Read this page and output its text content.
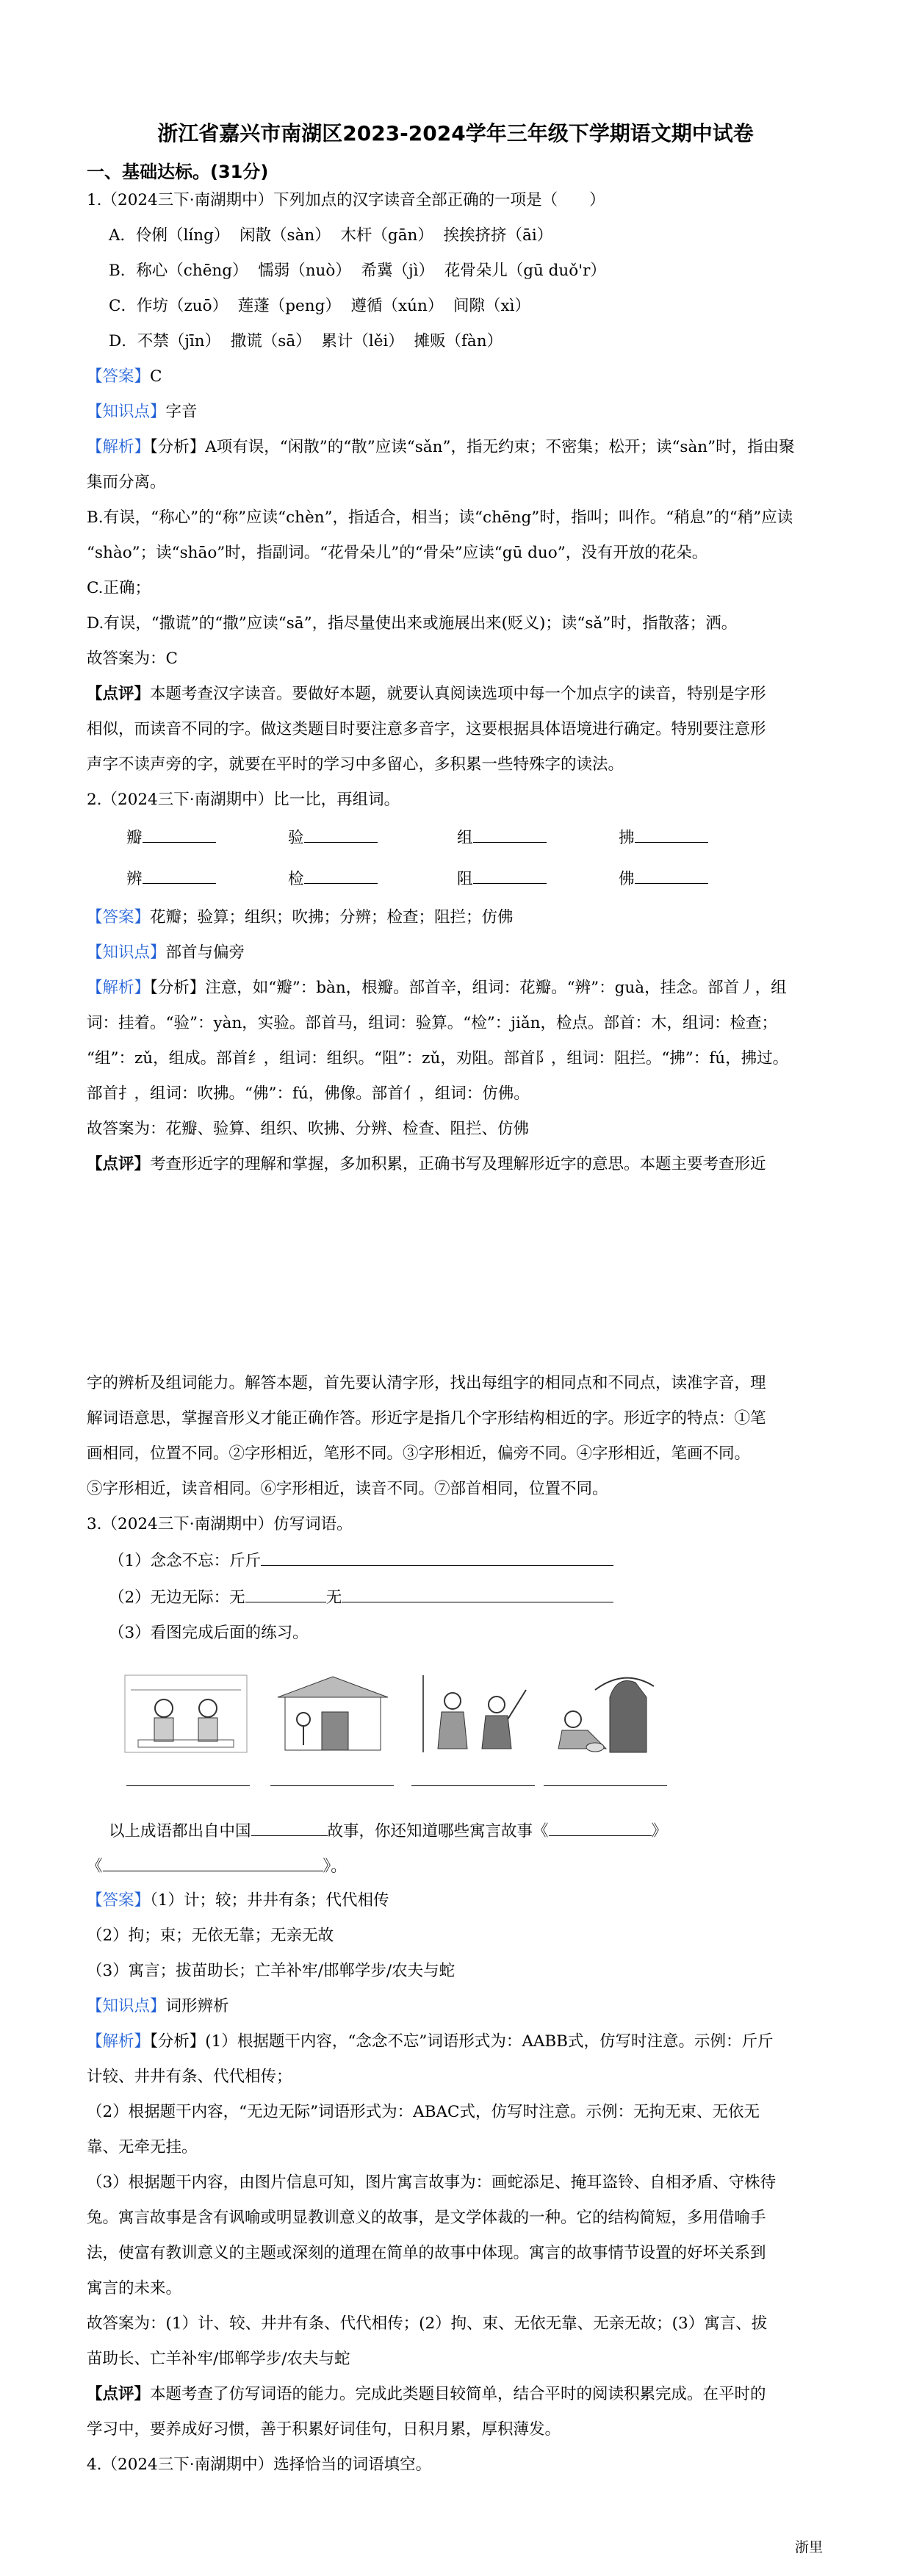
浙江省嘉兴市南湖区2023-2024学年三年级下学期语文期中试卷
一、基础达标。(31分)
1.（2024三下·南湖期中）下列加点的汉字读音全部正确的一项是（　　）
A．伶俐（líng）  闲散（sàn）  木杆（gān）  挨挨挤挤（āi）
B．称心（chēng）  懦弱（nuò）  希冀（jì）  花骨朵儿（gū duǒ'r）
C．作坊（zuō）  莲蓬（peng）  遵循（xún）  间隙（xì）
D．不禁（jīn）  撒谎（sā）  累计（lěi）  摊贩（fàn）
【答案】C
【知识点】字音
【解析】【分析】A项有误，“闲散”的“散”应读“sǎn”，指无约束；不密集；松开；读“sàn”时，指由聚
集而分离。
B.有误，“称心”的“称”应读“chèn”，指适合，相当；读“chēng”时，指叫；叫作。“稍息”的“稍”应读
“shào”；读“shāo”时，指副词。“花骨朵儿”的“骨朵”应读“gū duo”，没有开放的花朵。
C.正确；
D.有误，“撒谎”的“撒”应读“sā”，指尽量使出来或施展出来(贬义)；读“sǎ”时，指散落；洒。
故答案为：C
【点评】本题考查汉字读音。要做好本题，就要认真阅读选项中每一个加点字的读音，特别是字形
相似，而读音不同的字。做这类题目时要注意多音字，这要根据具体语境进行确定。特别要注意形
声字不读声旁的字，就要在平时的学习中多留心，多积累一些特殊字的读法。
2.（2024三下·南湖期中）比一比，再组词。
瓣	验	组	拂
辨	检	阻	佛
【答案】花瓣；验算；组织；吹拂；分辨；检查；阻拦；仿佛
【知识点】部首与偏旁
【解析】【分析】注意，如“瓣”：bàn，根瓣。部首辛，组词：花瓣。“辨”：guà，挂念。部首丿，组
词：挂着。“验”：yàn，实验。部首马，组词：验算。“检”：jiǎn，检点。部首：木，组词：检查；
“组”：zǔ，组成。部首纟，组词：组织。“阻”：zǔ，劝阻。部首阝，组词：阻拦。“拂”：fú，拂过。
部首扌，组词：吹拂。“佛”：fú，佛像。部首亻，组词：仿佛。
故答案为：花瓣、验算、组织、吹拂、分辨、检查、阻拦、仿佛
【点评】考查形近字的理解和掌握，多加积累，正确书写及理解形近字的意思。本题主要考查形近
字的辨析及组词能力。解答本题，首先要认清字形，找出每组字的相同点和不同点，读准字音，理
解词语意思，掌握音形义才能正确作答。形近字是指几个字形结构相近的字。形近字的特点：①笔
画相同，位置不同。②字形相近，笔形不同。③字形相近，偏旁不同。④字形相近，笔画不同。
⑤字形相近，读音相同。⑥字形相近，读音不同。⑦部首相同，位置不同。
3.（2024三下·南湖期中）仿写词语。
（1）念念不忘：斤斤
（2）无边无际：无	无
（3）看图完成后面的练习。
以上成语都出自中国	故事，你还知道哪些寓言故事《	》
《	》。
【答案】（1）计；较；井井有条；代代相传
（2）拘；束；无依无靠；无亲无故
（3）寓言；拔苗助长；亡羊补牢/邯郸学步/农夫与蛇
【知识点】词形辨析
【解析】【分析】(1）根据题干内容，“念念不忘”词语形式为：AABB式，仿写时注意。示例：斤斤
计较、井井有条、代代相传；
（2）根据题干内容，“无边无际”词语形式为：ABAC式，仿写时注意。示例：无拘无束、无依无
靠、无牵无挂。
（3）根据题干内容，由图片信息可知，图片寓言故事为：画蛇添足、掩耳盗铃、自相矛盾、守株待
兔。寓言故事是含有讽喻或明显教训意义的故事，是文学体裁的一种。它的结构简短，多用借喻手
法，使富有教训意义的主题或深刻的道理在简单的故事中体现。寓言的故事情节设置的好坏关系到
寓言的未来。
故答案为：(1）计、较、井井有条、代代相传；(2）拘、束、无依无靠、无亲无故；(3）寓言、拔
苗助长、亡羊补牢/邯郸学步/农夫与蛇
【点评】本题考查了仿写词语的能力。完成此类题目较简单，结合平时的阅读积累完成。在平时的
学习中，要养成好习惯，善于积累好词佳句，日积月累，厚积薄发。
4.（2024三下·南湖期中）选择恰当的词语填空。
浙里
